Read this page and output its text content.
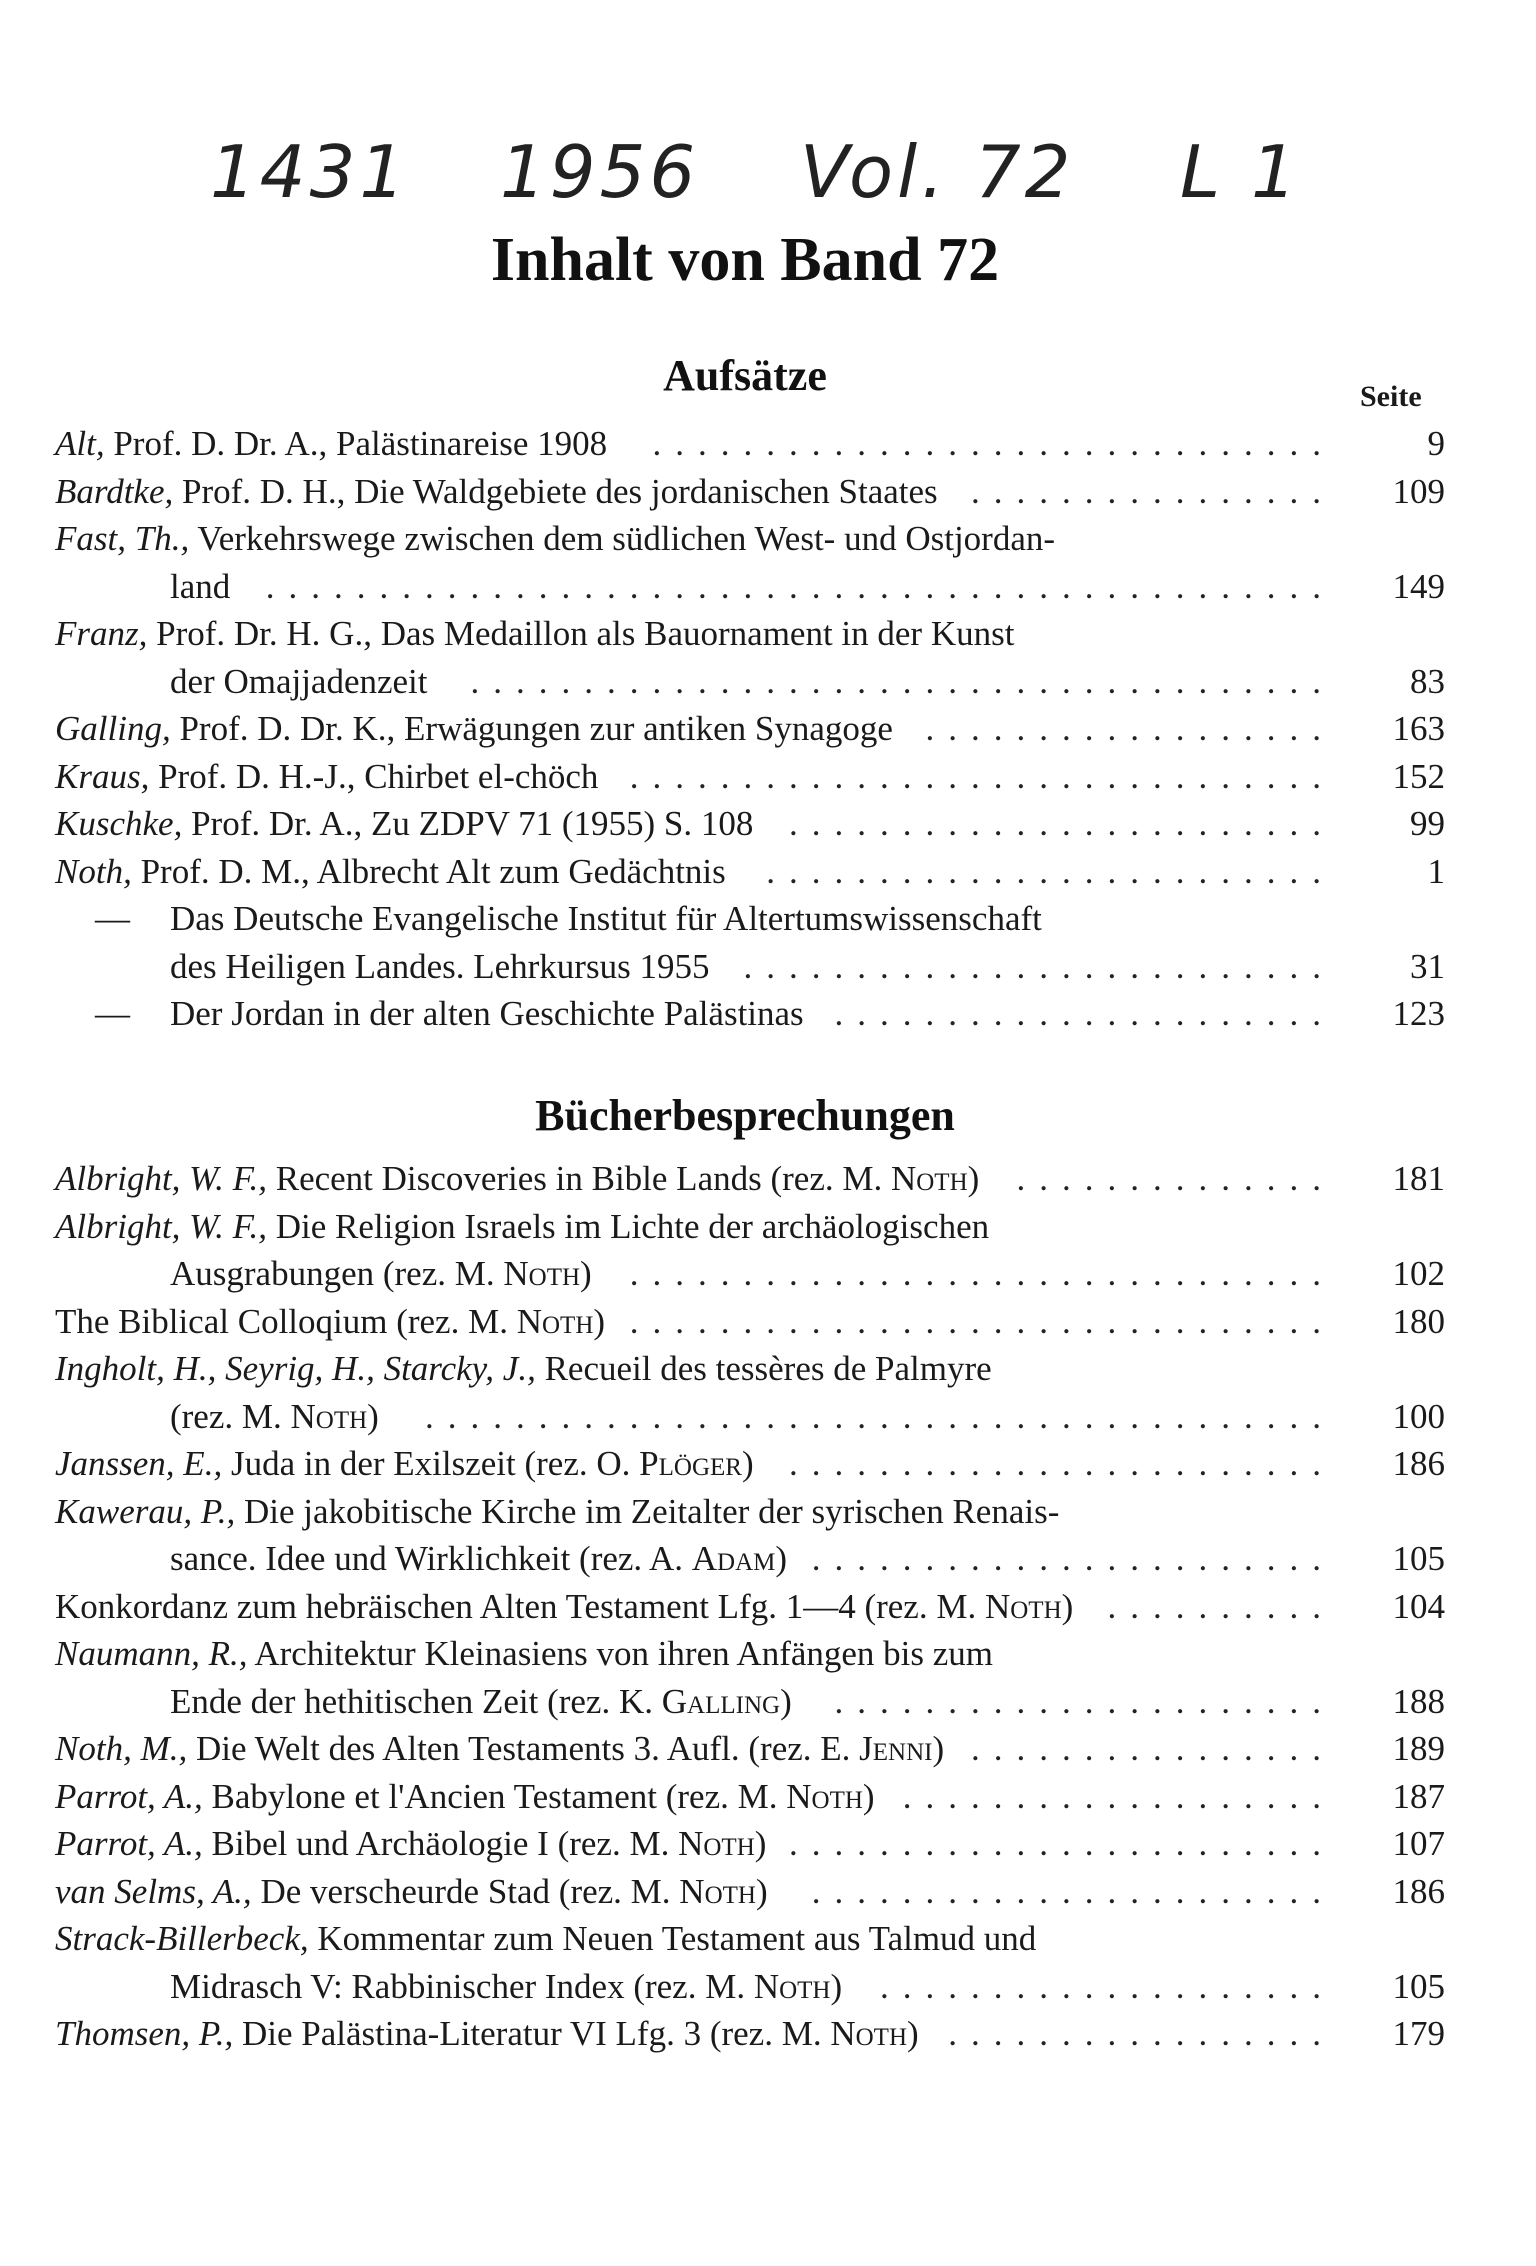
1431 1956 Vol. 72 L 1
Inhalt von Band 72
Aufsätze	Seite
Alt, Prof. D. Dr. A., Palästinareise 1908	..............................	9
Bardtke, Prof. D. H., Die Waldgebiete des jordanischen Staates ................	109
Fast, Th., Verkehrswege zwischen dem südlichen West- und Ostjordan-
land	...............................................	149
Franz, Prof. Dr. H. G., Das Medaillon als Bauornament in der Kunst
der Omajjadenzeit	......................................	83
Galling, Prof. D. Dr. K., Erwägungen zur antiken Synagoge ..................	163
Kraus, Prof. D. H.-J., Chirbet el-chöch ...............................	152
Kuschke, Prof. Dr. A., Zu ZDPV 71 (1955) S. 108	........................	99
Noth, Prof. D. M., Albrecht Alt zum Gedächtnis	.........................	1
— Das Deutsche Evangelische Institut für Altertumswissenschaft
des Heiligen Landes. Lehrkursus 1955 ..........................	31
— Der Jordan in der alten Geschichte Palästinas ......................	123
Bücherbesprechungen
Albright, W. F., Recent Discoveries in Bible Lands (rez. M. Noth)	..............	181
Albright, W. F., Die Religion Israels im Lichte der archäologischen
Ausgrabungen (rez. M. Noth)	...............................	102
The Biblical Colloqium (rez. M. Noth) ...............................	180
Ingholt, H., Seyrig, H., Starcky, J., Recueil des tessères de Palmyre
(rez. M. Noth)	........................................	100
Janssen, E., Juda in der Exilszeit (rez. O. Plöger)	........................	186
Kawerau, P., Die jakobitische Kirche im Zeitalter der syrischen Renais-
sance. Idee und Wirklichkeit (rez. A. Adam) .......................	105
Konkordanz zum hebräischen Alten Testament Lfg. 1—4 (rez. M. Noth) ..........	104
Naumann, R., Architektur Kleinasiens von ihren Anfängen bis zum
Ende der hethitischen Zeit (rez. K. Galling)	......................	188
Noth, M., Die Welt des Alten Testaments 3. Aufl. (rez. E. Jenni) ................	189
Parrot, A., Babylone et l'Ancien Testament (rez. M. Noth) ...................	187
Parrot, A., Bibel und Archäologie I (rez. M. Noth) ........................	107
van Selms, A., De verscheurde Stad (rez. M. Noth)	.......................	186
Strack-Billerbeck, Kommentar zum Neuen Testament aus Talmud und
Midrasch V: Rabbinischer Index (rez. M. Noth)	....................	105
Thomsen, P., Die Palästina-Literatur VI Lfg. 3 (rez. M. Noth) .................	179
